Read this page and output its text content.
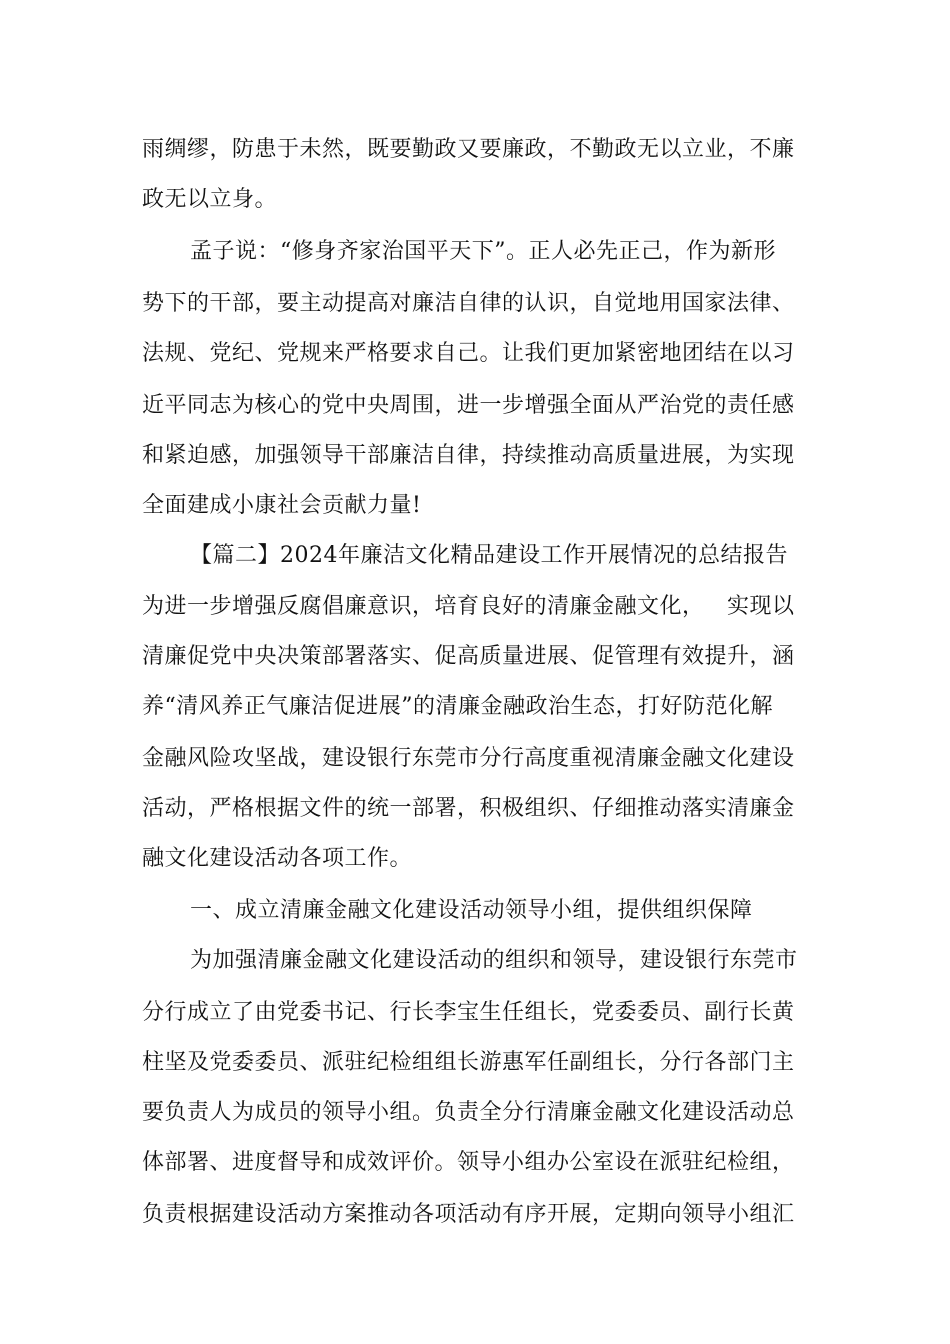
雨绸缪，防患于未然，既要勤政又要廉政，不勤政无以立业，不廉
政无以立身。
孟子说：“修身齐家治国平天下”。正人必先正己，作为新形
势下的干部，要主动提高对廉洁自律的认识，自觉地用国家法律、
法规、党纪、党规来严格要求自己。让我们更加紧密地团结在以习
近平同志为核心的党中央周围，进一步增强全面从严治党的责任感
和紧迫感，加强领导干部廉洁自律，持续推动高质量进展，为实现
全面建成小康社会贡献力量!
【篇二】2024年廉洁文化精品建设工作开展情况的总结报告
为进一步增强反腐倡廉意识，培育良好的清廉金融文化，   实现以
清廉促党中央决策部署落实、促高质量进展、促管理有效提升，涵
养“清风养正气廉洁促进展”的清廉金融政治生态，打好防范化解
金融风险攻坚战，建设银行东莞市分行高度重视清廉金融文化建设
活动，严格根据文件的统一部署，积极组织、仔细推动落实清廉金
融文化建设活动各项工作。
一、成立清廉金融文化建设活动领导小组，提供组织保障
为加强清廉金融文化建设活动的组织和领导，建设银行东莞市
分行成立了由党委书记、行长李宝生任组长，党委委员、副行长黄
柱坚及党委委员、派驻纪检组组长游惠军任副组长，分行各部门主
要负责人为成员的领导小组。负责全分行清廉金融文化建设活动总
体部署、进度督导和成效评价。领导小组办公室设在派驻纪检组，
负责根据建设活动方案推动各项活动有序开展，定期向领导小组汇
